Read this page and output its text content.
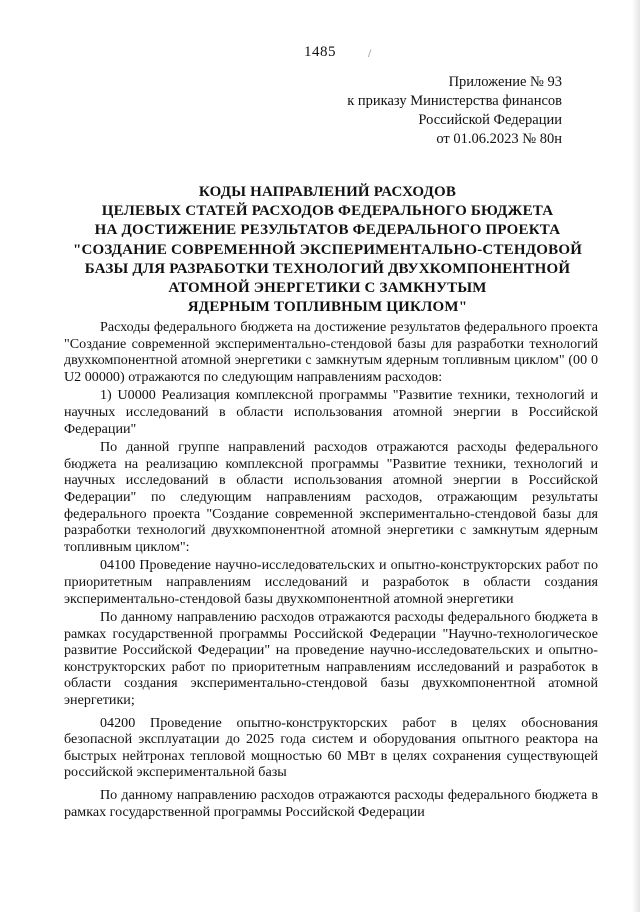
1485	/
Приложение № 93
к приказу Министерства финансов
Российской Федерации
от 01.06.2023 № 80н
КОДЫ НАПРАВЛЕНИЙ РАСХОДОВ
ЦЕЛЕВЫХ СТАТЕЙ РАСХОДОВ ФЕДЕРАЛЬНОГО БЮДЖЕТА
НА ДОСТИЖЕНИЕ РЕЗУЛЬТАТОВ ФЕДЕРАЛЬНОГО ПРОЕКТА
"СОЗДАНИЕ СОВРЕМЕННОЙ ЭКСПЕРИМЕНТАЛЬНО-СТЕНДОВОЙ
БАЗЫ ДЛЯ РАЗРАБОТКИ ТЕХНОЛОГИЙ ДВУХКОМПОНЕНТНОЙ
АТОМНОЙ ЭНЕРГЕТИКИ С ЗАМКНУТЫМ
ЯДЕРНЫМ ТОПЛИВНЫМ ЦИКЛОМ"

Расходы федерального бюджета на достижение результатов федерального проекта "Создание современной экспериментально-стендовой базы для разработки технологий двухкомпонентной атомной энергетики с замкнутым ядерным топливным циклом" (00 0 U2 00000) отражаются по следующим направлениям расходов:

1) U0000 Реализация комплексной программы "Развитие техники, технологий и научных исследований в области использования атомной энергии в Российской Федерации"

По данной группе направлений расходов отражаются расходы федерального бюджета на реализацию комплексной программы "Развитие техники, технологий и научных исследований в области использования атомной энергии в Российской Федерации" по следующим направлениям расходов, отражающим результаты федерального проекта "Создание современной экспериментально-стендовой базы для разработки технологий двухкомпонентной атомной энергетики с замкнутым ядерным топливным циклом":

04100 Проведение научно-исследовательских и опытно-конструкторских работ по приоритетным направлениям исследований и разработок в области создания экспериментально-стендовой базы двухкомпонентной атомной энергетики

По данному направлению расходов отражаются расходы федерального бюджета в рамках государственной программы Российской Федерации "Научно-технологическое развитие Российской Федерации" на проведение научно-исследовательских и опытно-конструкторских работ по приоритетным направлениям исследований и разработок в области создания экспериментально-стендовой базы двухкомпонентной атомной энергетики;

04200 Проведение опытно-конструкторских работ в целях обоснования безопасной эксплуатации до 2025 года систем и оборудования опытного реактора на быстрых нейтронах тепловой мощностью 60 МВт в целях сохранения существующей российской экспериментальной базы

По данному направлению расходов отражаются расходы федерального бюджета в рамках государственной программы Российской Федерации
